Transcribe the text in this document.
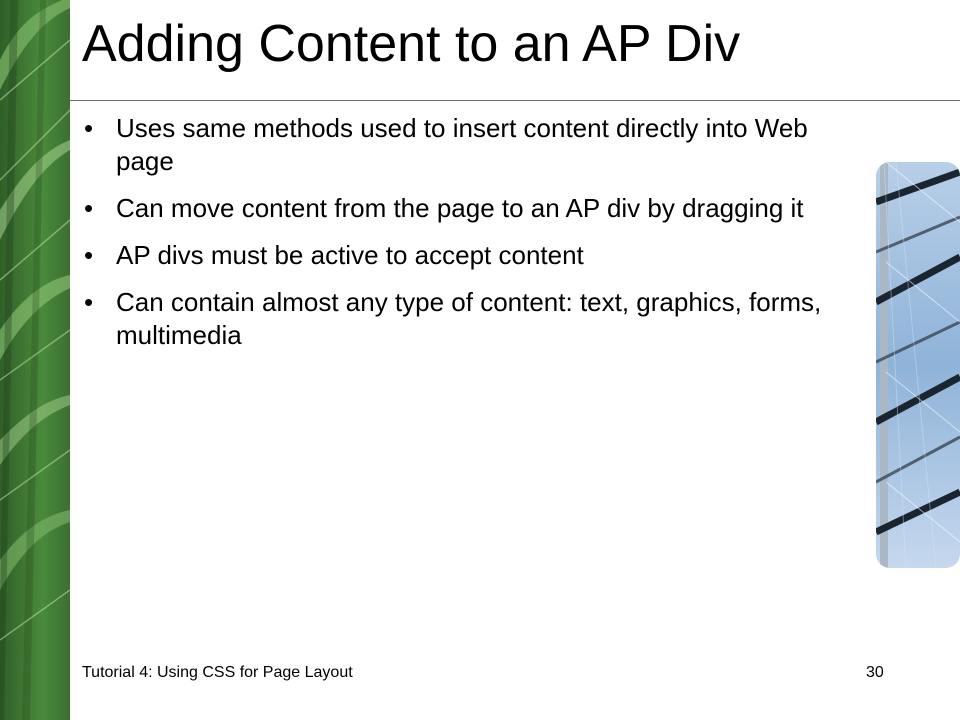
Adding Content to an AP Div
• Uses same methods used to insert content directly into Web page
• Can move content from the page to an AP div by dragging it
• AP divs must be active to accept content
• Can contain almost any type of content: text, graphics, forms, multimedia
Tutorial 4: Using CSS for Page Layout	30
